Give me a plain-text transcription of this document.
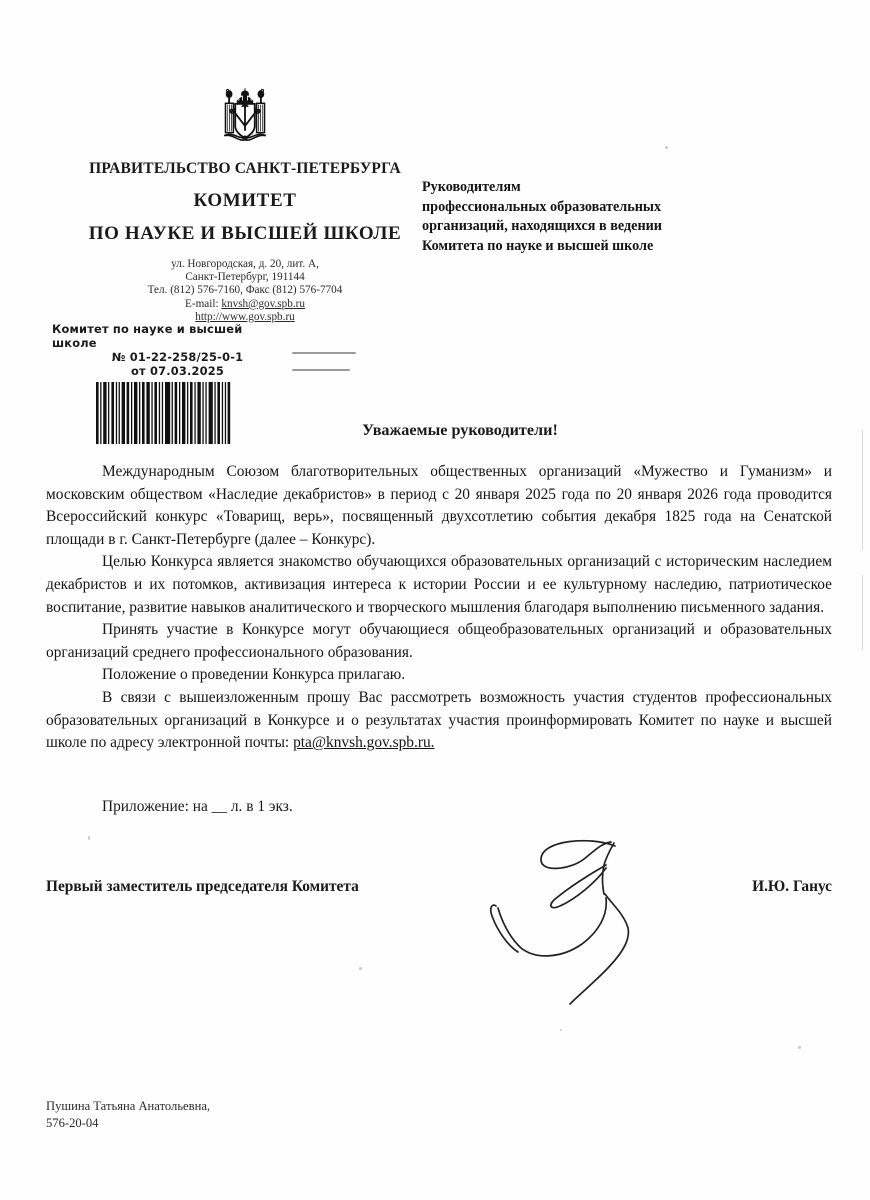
ПРАВИТЕЛЬСТВО САНКТ-ПЕТЕРБУРГА
КОМИТЕТ
ПО НАУКЕ И ВЫСШЕЙ ШКОЛЕ
ул. Новгородская, д. 20, лит. А,
Санкт-Петербург, 191144
Тел. (812) 576-7160, Факс (812) 576-7704
E-mail: knvsh@gov.spb.ru
http://www.gov.spb.ru
Руководителям
профессиональных образовательных
организаций, находящихся в ведении
Комитета по науке и высшей школе
Комитет по науке и высшей школе
№ 01-22-258/25-0-1
от 07.03.2025
Уважаемые руководители!

Международным Союзом благотворительных общественных организаций «Мужество и Гуманизм» и московским обществом «Наследие декабристов» в период с 20 января 2025 года по 20 января 2026 года проводится Всероссийский конкурс «Товарищ, верь», посвященный двухсотлетию события декабря 1825 года на Сенатской площади в г. Санкт-Петербурге (далее – Конкурс).

Целью Конкурса является знакомство обучающихся образовательных организаций с историческим наследием декабристов и их потомков, активизация интереса к истории России и ее культурному наследию, патриотическое воспитание, развитие навыков аналитического и творческого мышления благодаря выполнению письменного задания.

Принять участие в Конкурсе могут обучающиеся общеобразовательных организаций и образовательных организаций среднего профессионального образования.

Положение о проведении Конкурса прилагаю.

В связи с вышеизложенным прошу Вас рассмотреть возможность участия студентов профессиональных образовательных организаций в Конкурсе и о результатах участия проинформировать Комитет по науке и высшей школе по адресу электронной почты: pta@knvsh.gov.spb.ru.

Приложение: на __ л. в 1 экз.
Первый заместитель председателя Комитета	И.Ю. Ганус
Пушина Татьяна Анатольевна,
576-20-04
